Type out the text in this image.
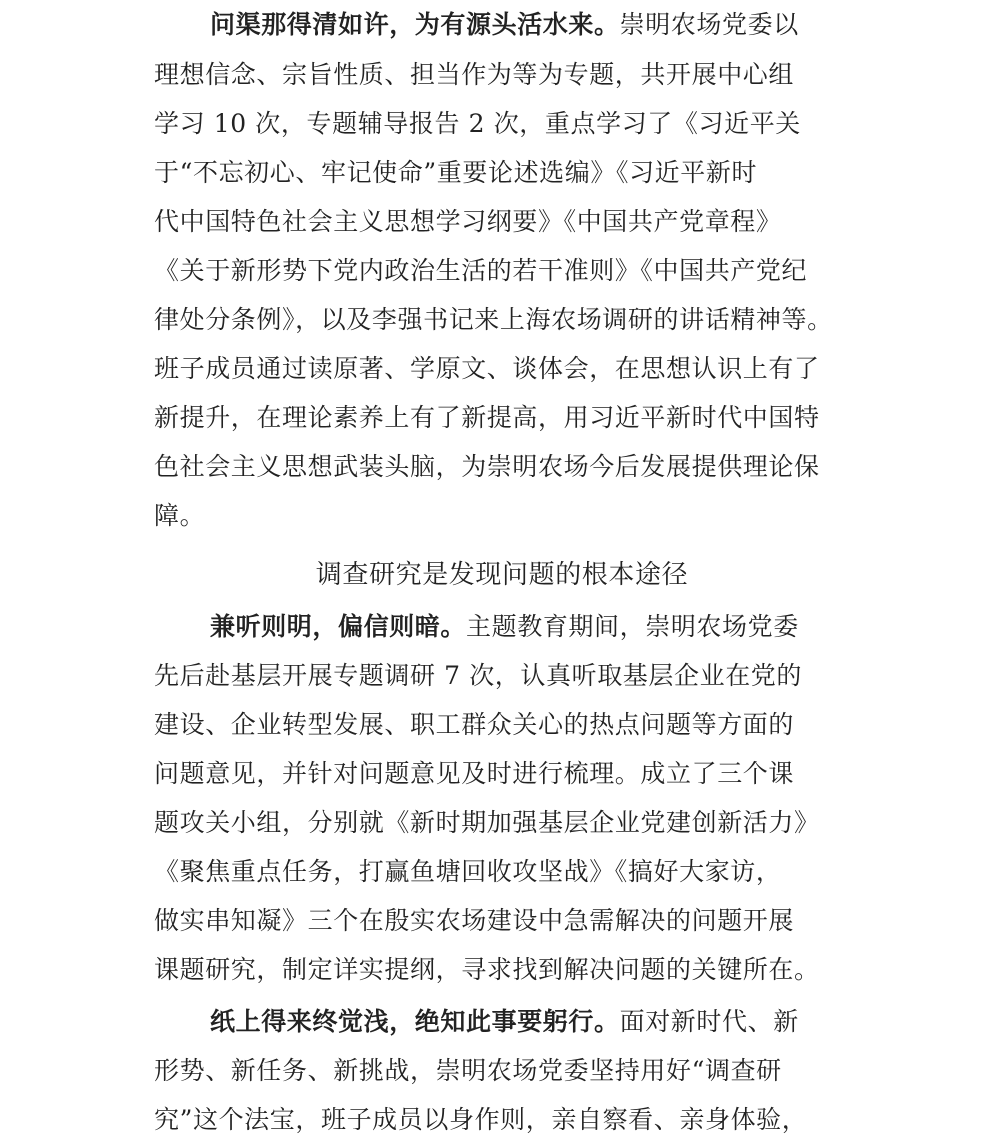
问渠那得清如许，为有源头活水来。崇明农场党委以
理想信念、宗旨性质、担当作为等为专题，共开展中心组
学习 10 次，专题辅导报告 2 次，重点学习了《习近平关
于“不忘初心、牢记使命”重要论述选编》《习近平新时
代中国特色社会主义思想学习纲要》《中国共产党章程》
《关于新形势下党内政治生活的若干准则》《中国共产党纪
律处分条例》，以及李强书记来上海农场调研的讲话精神等。
班子成员通过读原著、学原文、谈体会，在思想认识上有了
新提升，在理论素养上有了新提高，用习近平新时代中国特
色社会主义思想武装头脑，为崇明农场今后发展提供理论保
障。
调查研究是发现问题的根本途径
兼听则明，偏信则暗。主题教育期间，崇明农场党委
先后赴基层开展专题调研 7 次，认真听取基层企业在党的
建设、企业转型发展、职工群众关心的热点问题等方面的
问题意见，并针对问题意见及时进行梳理。成立了三个课
题攻关小组，分别就《新时期加强基层企业党建创新活力》
《聚焦重点任务，打赢鱼塘回收攻坚战》《搞好大家访，
做实串知凝》三个在殷实农场建设中急需解决的问题开展
课题研究，制定详实提纲，寻求找到解决问题的关键所在。
纸上得来终觉浅，绝知此事要躬行。面对新时代、新
形势、新任务、新挑战，崇明农场党委坚持用好“调查研
究”这个法宝，班子成员以身作则，亲自察看、亲身体验，
